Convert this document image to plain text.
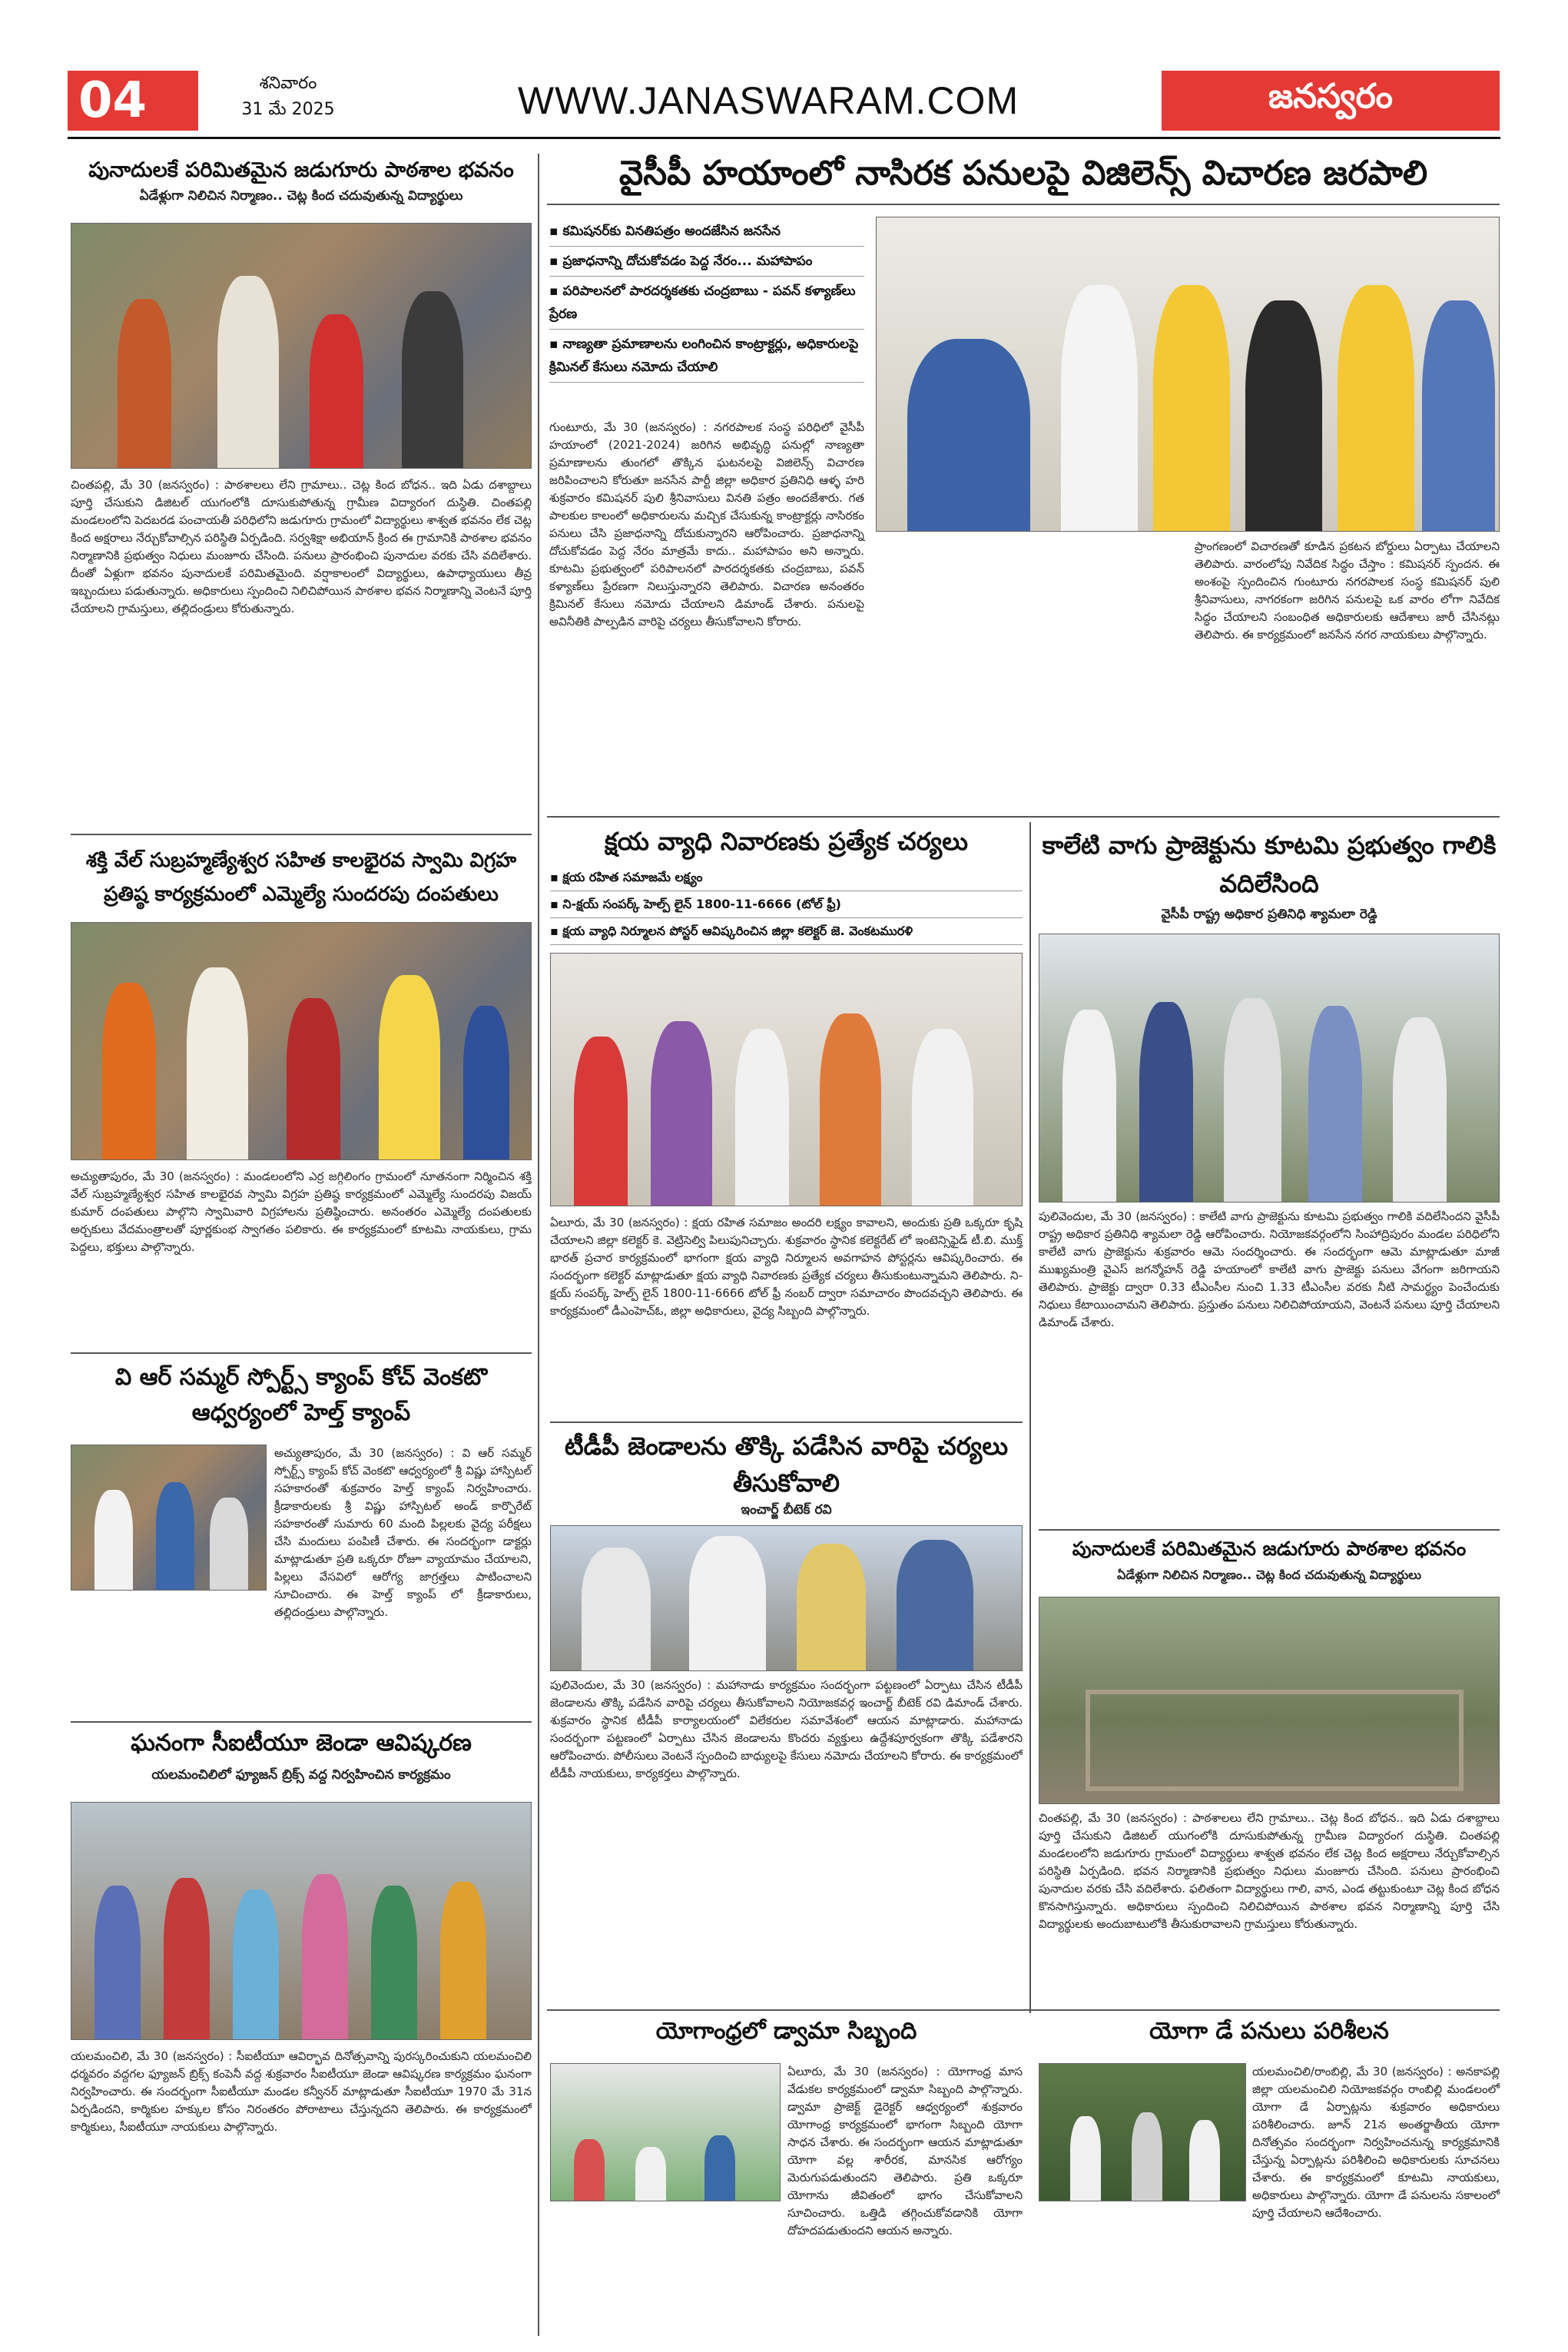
04	శనివారం
31 మే 2025	WWW.JANASWARAM.COM	జనస్వరం
పునాదులకే పరిమితమైన జడుగూరు పాఠశాల భవనం
ఏడేళ్లుగా నిలిచిన నిర్మాణం.. చెట్ల కింద చదువుతున్న విద్యార్థులు
చింతపల్లి, మే 30 (జనస్వరం) : పాఠశాలలు లేని గ్రామాలు.. చెట్ల కింద బోధన.. ఇది ఏడు దశాబ్దాలు పూర్తి చేసుకుని డిజిటల్ యుగంలోకి దూసుకుపోతున్న గ్రామీణ విద్యారంగ దుస్థితి. చింతపల్లి మండలంలోని పెదబరడ పంచాయతీ పరిధిలోని జడుగూరు గ్రామంలో విద్యార్థులు శాశ్వత భవనం లేక చెట్ల కింద అక్షరాలు నేర్చుకోవాల్సిన పరిస్థితి ఏర్పడింది. సర్వశిక్షా అభియాన్ క్రింద ఈ గ్రామానికి పాఠశాల భవనం నిర్మాణానికి ప్రభుత్వం నిధులు మంజూరు చేసింది. పనులు ప్రారంభించి పునాదుల వరకు చేసి వదిలేశారు. దీంతో ఏళ్లుగా భవనం పునాదులకే పరిమితమైంది. వర్షాకాలంలో విద్యార్థులు, ఉపాధ్యాయులు తీవ్ర ఇబ్బందులు పడుతున్నారు. అధికారులు స్పందించి నిలిచిపోయిన పాఠశాల భవన నిర్మాణాన్ని వెంటనే పూర్తి చేయాలని గ్రామస్తులు, తల్లిదండ్రులు కోరుతున్నారు.
శక్తి వేల్ సుబ్రహ్మణ్యేశ్వర సహిత కాలభైరవ స్వామి విగ్రహ ప్రతిష్ఠ కార్యక్రమంలో ఎమ్మెల్యే సుందరపు దంపతులు
అచ్యుతాపురం, మే 30 (జనస్వరం) : మండలంలోని ఎర్ర జగ్గిలింగం గ్రామంలో నూతనంగా నిర్మించిన శక్తి వేల్ సుబ్రహ్మణ్యేశ్వర సహిత కాలభైరవ స్వామి విగ్రహ ప్రతిష్ఠ కార్యక్రమంలో ఎమ్మెల్యే సుందరపు విజయ్ కుమార్ దంపతులు పాల్గొని స్వామివారి విగ్రహాలను ప్రతిష్ఠించారు. అనంతరం ఎమ్మెల్యే దంపతులకు అర్చకులు వేదమంత్రాలతో పూర్ణకుంభ స్వాగతం పలికారు. ఈ కార్యక్రమంలో కూటమి నాయకులు, గ్రామ పెద్దలు, భక్తులు పాల్గొన్నారు.
వి ఆర్ సమ్మర్ స్పోర్ట్స్ క్యాంప్ కోచ్ వెంకటొ ఆధ్వర్యంలో హెల్త్ క్యాంప్
అచ్యుతాపురం, మే 30 (జనస్వరం) : వి ఆర్ సమ్మర్ స్పోర్ట్స్ క్యాంప్ కోచ్ వెంకటొ ఆధ్వర్యంలో శ్రీ విష్ణు హాస్పిటల్ సహకారంతో శుక్రవారం హెల్త్ క్యాంప్ నిర్వహించారు. క్రీడాకారులకు శ్రీ విష్ణు హాస్పిటల్ అండ్ కార్పొరేట్ సహకారంతో సుమారు 60 మంది పిల్లలకు వైద్య పరీక్షలు చేసి మందులు పంపిణీ చేశారు. ఈ సందర్భంగా డాక్టర్లు మాట్లాడుతూ ప్రతి ఒక్కరూ రోజూ వ్యాయామం చేయాలని, పిల్లలు వేసవిలో ఆరోగ్య జాగ్రత్తలు పాటించాలని సూచించారు. ఈ హెల్త్ క్యాంప్ లో క్రీడాకారులు, తల్లిదండ్రులు పాల్గొన్నారు.
ఘనంగా సీఐటీయూ జెండా ఆవిష్కరణ
యలమంచిలిలో ఫ్యూజన్ బ్రిక్స్ వద్ద నిర్వహించిన కార్యక్రమం
యలమంచిలి, మే 30 (జనస్వరం) : సీఐటీయూ ఆవిర్భావ దినోత్సవాన్ని పురస్కరించుకుని యలమంచిలి ధర్మవరం వద్దగల ఫ్యూజన్ బ్రిక్స్ కంపెనీ వద్ద శుక్రవారం సీఐటీయూ జెండా ఆవిష్కరణ కార్యక్రమం ఘనంగా నిర్వహించారు. ఈ సందర్భంగా సీఐటీయూ మండల కన్వీనర్ మాట్లాడుతూ సీఐటీయూ 1970 మే 31న ఏర్పడిందని, కార్మికుల హక్కుల కోసం నిరంతరం పోరాటాలు చేస్తున్నదని తెలిపారు. ఈ కార్యక్రమంలో కార్మికులు, సీఐటీయూ నాయకులు పాల్గొన్నారు.
వైసీపీ హయాంలో నాసిరక పనులపై విజిలెన్స్ విచారణ జరపాలి
▪ కమిషనర్‌కు వినతిపత్రం అందజేసిన జనసేన
▪ ప్రజాధనాన్ని దోచుకోవడం పెద్ద నేరం... మహాపాపం
▪ పరిపాలనలో పారదర్శకతకు చంద్రబాబు - పవన్ కళ్యాణ్‌లు ప్రేరణ
▪ నాణ్యతా ప్రమాణాలను లంగించిన కాంట్రాక్టర్లు, అధికారులపై క్రిమినల్ కేసులు నమోదు చేయాలి
గుంటూరు, మే 30 (జనస్వరం) : నగరపాలక సంస్థ పరిధిలో వైసీపీ హయాంలో (2021-2024) జరిగిన అభివృద్ధి పనుల్లో నాణ్యతా ప్రమాణాలను తుంగలో తొక్కిన ఘటనలపై విజిలెన్స్ విచారణ జరిపించాలని కోరుతూ జనసేన పార్టీ జిల్లా అధికార ప్రతినిధి ఆళ్ళ హరి శుక్రవారం కమిషనర్ పులి శ్రీనివాసులు వినతి పత్రం అందజేశారు. గత పాలకుల కాలంలో అధికారులను మచ్చిక చేసుకున్న కాంట్రాక్టర్లు నాసిరకం పనులు చేసి ప్రజాధనాన్ని దోచుకున్నారని ఆరోపించారు. ప్రజాధనాన్ని దోచుకోవడం పెద్ద నేరం మాత్రమే కాదు.. మహాపాపం అని అన్నారు. కూటమి ప్రభుత్వంలో పరిపాలనలో పారదర్శకతకు చంద్రబాబు, పవన్ కళ్యాణ్‌లు ప్రేరణగా నిలుస్తున్నారని తెలిపారు. విచారణ అనంతరం క్రిమినల్ కేసులు నమోదు చేయాలని డిమాండ్ చేశారు. పనులపై అవినీతికి పాల్పడిన వారిపై చర్యలు తీసుకోవాలని కోరారు.
ప్రాంగణంలో విచారణతో కూడిన ప్రకటన బోర్డులు ఏర్పాటు చేయాలని తెలిపారు. వారంలోపు నివేదిక సిద్ధం చేస్తాం : కమిషనర్ స్పందన. ఈ అంశంపై స్పందించిన గుంటూరు నగరపాలక సంస్థ కమిషనర్ పులి శ్రీనివాసులు, నాగరకంగా జరిగిన పనులపై ఒక వారం లోగా నివేదిక సిద్ధం చేయాలని సంబంధిత అధికారులకు ఆదేశాలు జారీ చేసినట్లు తెలిపారు. ఈ కార్యక్రమంలో జనసేన నగర నాయకులు పాల్గొన్నారు.
క్షయ వ్యాధి నివారణకు ప్రత్యేక చర్యలు
▪ క్షయ రహిత సమాజమే లక్ష్యం
▪ ని-క్షయ్ సంపర్క్ హెల్ప్ లైన్ 1800-11-6666 (టోల్ ఫ్రీ)
▪ క్షయ వ్యాధి నిర్మూలన పోస్టర్ ఆవిష్కరించిన జిల్లా కలెక్టర్ జె. వెంకటమురళి
ఏలూరు, మే 30 (జనస్వరం) : క్షయ రహిత సమాజం అందరి లక్ష్యం కావాలని, అందుకు ప్రతి ఒక్కరూ కృషి చేయాలని జిల్లా కలెక్టర్ కె. వెట్రిసెల్వి పిలుపునిచ్చారు. శుక్రవారం స్థానిక కలెక్టరేట్ లో ఇంటెన్సిఫైడ్ టీ.బి. ముక్త్ భారత్ ప్రచార కార్యక్రమంలో భాగంగా క్షయ వ్యాధి నిర్మూలన అవగాహన పోస్టర్లను ఆవిష్కరించారు. ఈ సందర్భంగా కలెక్టర్ మాట్లాడుతూ క్షయ వ్యాధి నివారణకు ప్రత్యేక చర్యలు తీసుకుంటున్నామని తెలిపారు. ని-క్షయ్ సంపర్క్ హెల్ప్ లైన్ 1800-11-6666 టోల్ ఫ్రీ నంబర్ ద్వారా సమాచారం పొందవచ్చని తెలిపారు. ఈ కార్యక్రమంలో డీఎంహెచ్ఓ, జిల్లా అధికారులు, వైద్య సిబ్బంది పాల్గొన్నారు.
టీడీపీ జెండాలను తొక్కి పడేసిన వారిపై చర్యలు తీసుకోవాలి
ఇంచార్జ్ బీటెక్ రవి
పులివెందుల, మే 30 (జనస్వరం) : మహానాడు కార్యక్రమం సందర్భంగా పట్టణంలో ఏర్పాటు చేసిన టీడీపీ జెండాలను తొక్కి పడేసిన వారిపై చర్యలు తీసుకోవాలని నియోజకవర్గ ఇంచార్జ్ బీటెక్ రవి డిమాండ్ చేశారు. శుక్రవారం స్థానిక టీడీపీ కార్యాలయంలో విలేకరుల సమావేశంలో ఆయన మాట్లాడారు. మహానాడు సందర్భంగా పట్టణంలో ఏర్పాటు చేసిన జెండాలను కొందరు వ్యక్తులు ఉద్దేశపూర్వకంగా తొక్కి పడేశారని ఆరోపించారు. పోలీసులు వెంటనే స్పందించి బాధ్యులపై కేసులు నమోదు చేయాలని కోరారు. ఈ కార్యక్రమంలో టీడీపీ నాయకులు, కార్యకర్తలు పాల్గొన్నారు.
కాలేటి వాగు ప్రాజెక్టును కూటమి ప్రభుత్వం గాలికి వదిలేసింది
వైసీపీ రాష్ట్ర అధికార ప్రతినిధి శ్యామలా రెడ్డి
పులివెందుల, మే 30 (జనస్వరం) : కాలేటి వాగు ప్రాజెక్టును కూటమి ప్రభుత్వం గాలికి వదిలేసిందని వైసీపీ రాష్ట్ర అధికార ప్రతినిధి శ్యామలా రెడ్డి ఆరోపించారు. నియోజకవర్గంలోని సింహాద్రిపురం మండల పరిధిలోని కాలేటి వాగు ప్రాజెక్టును శుక్రవారం ఆమె సందర్శించారు. ఈ సందర్భంగా ఆమె మాట్లాడుతూ మాజీ ముఖ్యమంత్రి వైఎస్ జగన్మోహన్ రెడ్డి హయాంలో కాలేటి వాగు ప్రాజెక్టు పనులు వేగంగా జరిగాయని తెలిపారు. ప్రాజెక్టు ద్వారా 0.33 టీఎంసీల నుంచి 1.33 టీఎంసీల వరకు నీటి సామర్థ్యం పెంచేందుకు నిధులు కేటాయించామని తెలిపారు. ప్రస్తుతం పనులు నిలిచిపోయాయని, వెంటనే పనులు పూర్తి చేయాలని డిమాండ్ చేశారు.
పునాదులకే పరిమితమైన జడుగూరు పాఠశాల భవనం
ఏడేళ్లుగా నిలిచిన నిర్మాణం.. చెట్ల కింద చదువుతున్న విద్యార్థులు
చింతపల్లి, మే 30 (జనస్వరం) : పాఠశాలలు లేని గ్రామాలు.. చెట్ల కింద బోధన.. ఇది ఏడు దశాబ్దాలు పూర్తి చేసుకుని డిజిటల్ యుగంలోకి దూసుకుపోతున్న గ్రామీణ విద్యారంగ దుస్థితి. చింతపల్లి మండలంలోని జడుగూరు గ్రామంలో విద్యార్థులు శాశ్వత భవనం లేక చెట్ల కింద అక్షరాలు నేర్చుకోవాల్సిన పరిస్థితి ఏర్పడింది. భవన నిర్మాణానికి ప్రభుత్వం నిధులు మంజూరు చేసింది. పనులు ప్రారంభించి పునాదుల వరకు చేసి వదిలేశారు. ఫలితంగా విద్యార్థులు గాలి, వాన, ఎండ తట్టుకుంటూ చెట్ల కింద బోధన కొనసాగిస్తున్నారు. అధికారులు స్పందించి నిలిచిపోయిన పాఠశాల భవన నిర్మాణాన్ని పూర్తి చేసి విద్యార్థులకు అందుబాటులోకి తీసుకురావాలని గ్రామస్తులు కోరుతున్నారు.
యోగాంధ్రలో డ్వామా సిబ్బంది
ఏలూరు, మే 30 (జనస్వరం) : యోగాంధ్ర మాస వేడుకల కార్యక్రమంలో డ్వామా సిబ్బంది పాల్గొన్నారు. డ్వామా ప్రాజెక్ట్ డైరెక్టర్ ఆధ్వర్యంలో శుక్రవారం యోగాంధ్ర కార్యక్రమంలో భాగంగా సిబ్బంది యోగా సాధన చేశారు. ఈ సందర్భంగా ఆయన మాట్లాడుతూ యోగా వల్ల శారీరక, మానసిక ఆరోగ్యం మెరుగుపడుతుందని తెలిపారు. ప్రతి ఒక్కరూ యోగాను జీవితంలో భాగం చేసుకోవాలని సూచించారు. ఒత్తిడి తగ్గించుకోవడానికి యోగా దోహదపడుతుందని ఆయన అన్నారు.
యోగా డే పనులు పరిశీలన
యలమంచిలి/రాంబిల్లి, మే 30 (జనస్వరం) : అనకాపల్లి జిల్లా యలమంచిలి నియోజకవర్గం రాంబిల్లి మండలంలో యోగా డే ఏర్పాట్లను శుక్రవారం అధికారులు పరిశీలించారు. జూన్ 21న అంతర్జాతీయ యోగా దినోత్సవం సందర్భంగా నిర్వహించనున్న కార్యక్రమానికి చేస్తున్న ఏర్పాట్లను పరిశీలించి అధికారులకు సూచనలు చేశారు. ఈ కార్యక్రమంలో కూటమి నాయకులు, అధికారులు పాల్గొన్నారు. యోగా డే పనులను సకాలంలో పూర్తి చేయాలని ఆదేశించారు.
